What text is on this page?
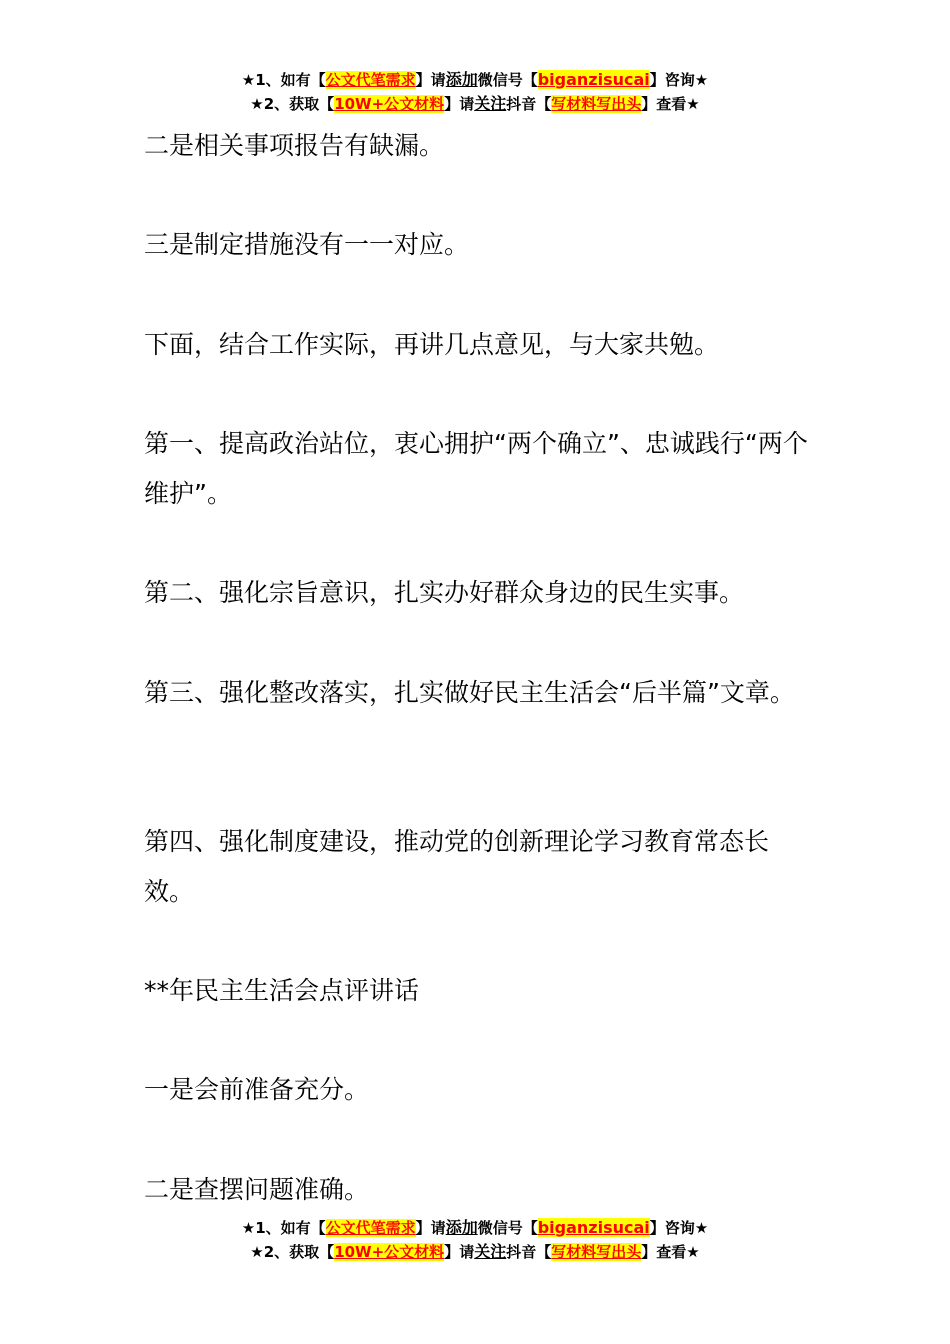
★1、如有【公文代笔需求】请添加微信号【biganzisucai】咨询★
★2、获取【10W+公文材料】请关注抖音【写材料写出头】查看★

二是相关事项报告有缺漏。

三是制定措施没有一一对应。

下面，结合工作实际，再讲几点意见，与大家共勉。

第一、提高政治站位，衷心拥护“两个确立”、忠诚践行“两个维护”。

第二、强化宗旨意识，扎实办好群众身边的民生实事。

第三、强化整改落实，扎实做好民主生活会“后半篇”文章。

第四、强化制度建设，推动党的创新理论学习教育常态长效。

**年民主生活会点评讲话

一是会前准备充分。

二是查摆问题准确。

★1、如有【公文代笔需求】请添加微信号【biganzisucai】咨询★
★2、获取【10W+公文材料】请关注抖音【写材料写出头】查看★
